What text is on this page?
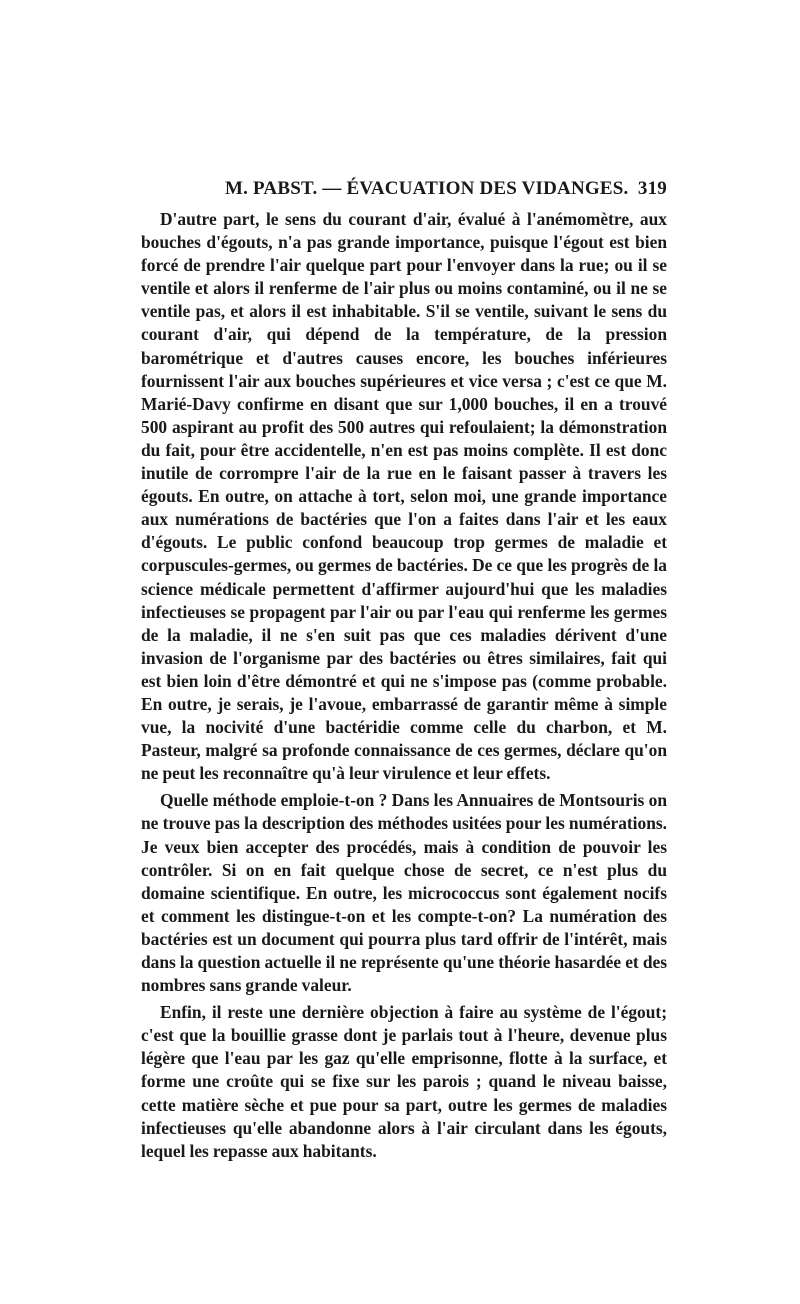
M. PABST. — ÉVACUATION DES VIDANGES. 319

D'autre part, le sens du courant d'air, évalué à l'anémomètre, aux bouches d'égouts, n'a pas grande importance, puisque l'égout est bien forcé de prendre l'air quelque part pour l'envoyer dans la rue; ou il se ventile et alors il renferme de l'air plus ou moins contaminé, ou il ne se ventile pas, et alors il est inhabitable. S'il se ventile, suivant le sens du courant d'air, qui dépend de la température, de la pression barométrique et d'autres causes encore, les bouches inférieures fournissent l'air aux bouches supérieures et vice versa ; c'est ce que M. Marié-Davy confirme en disant que sur 1,000 bouches, il en a trouvé 500 aspirant au profit des 500 autres qui refoulaient; la démonstration du fait, pour être accidentelle, n'en est pas moins complète. Il est donc inutile de corrompre l'air de la rue en le faisant passer à travers les égouts. En outre, on attache à tort, selon moi, une grande importance aux numérations de bactéries que l'on a faites dans l'air et les eaux d'égouts. Le public confond beaucoup trop germes de maladie et corpuscules-germes, ou germes de bactéries. De ce que les progrès de la science médicale permettent d'affirmer aujourd'hui que les maladies infectieuses se propagent par l'air ou par l'eau qui renferme les germes de la maladie, il ne s'en suit pas que ces maladies dérivent d'une invasion de l'organisme par des bactéries ou êtres similaires, fait qui est bien loin d'être démontré et qui ne s'impose pas (comme probable. En outre, je serais, je l'avoue, embarrassé de garantir même à simple vue, la nocivité d'une bactéridie comme celle du charbon, et M. Pasteur, malgré sa profonde connaissance de ces germes, déclare qu'on ne peut les reconnaître qu'à leur virulence et leur effets.

Quelle méthode emploie-t-on ? Dans les Annuaires de Montsouris on ne trouve pas la description des méthodes usitées pour les numérations. Je veux bien accepter des procédés, mais à condition de pouvoir les contrôler. Si on en fait quelque chose de secret, ce n'est plus du domaine scientifique. En outre, les micrococcus sont également nocifs et comment les distingue-t-on et les compte-t-on? La numération des bactéries est un document qui pourra plus tard offrir de l'intérêt, mais dans la question actuelle il ne représente qu'une théorie hasardée et des nombres sans grande valeur.

Enfin, il reste une dernière objection à faire au système de l'égout; c'est que la bouillie grasse dont je parlais tout à l'heure, devenue plus légère que l'eau par les gaz qu'elle emprisonne, flotte à la surface, et forme une croûte qui se fixe sur les parois ; quand le niveau baisse, cette matière sèche et pue pour sa part, outre les germes de maladies infectieuses qu'elle abandonne alors à l'air circulant dans les égouts, lequel les repasse aux habitants.
